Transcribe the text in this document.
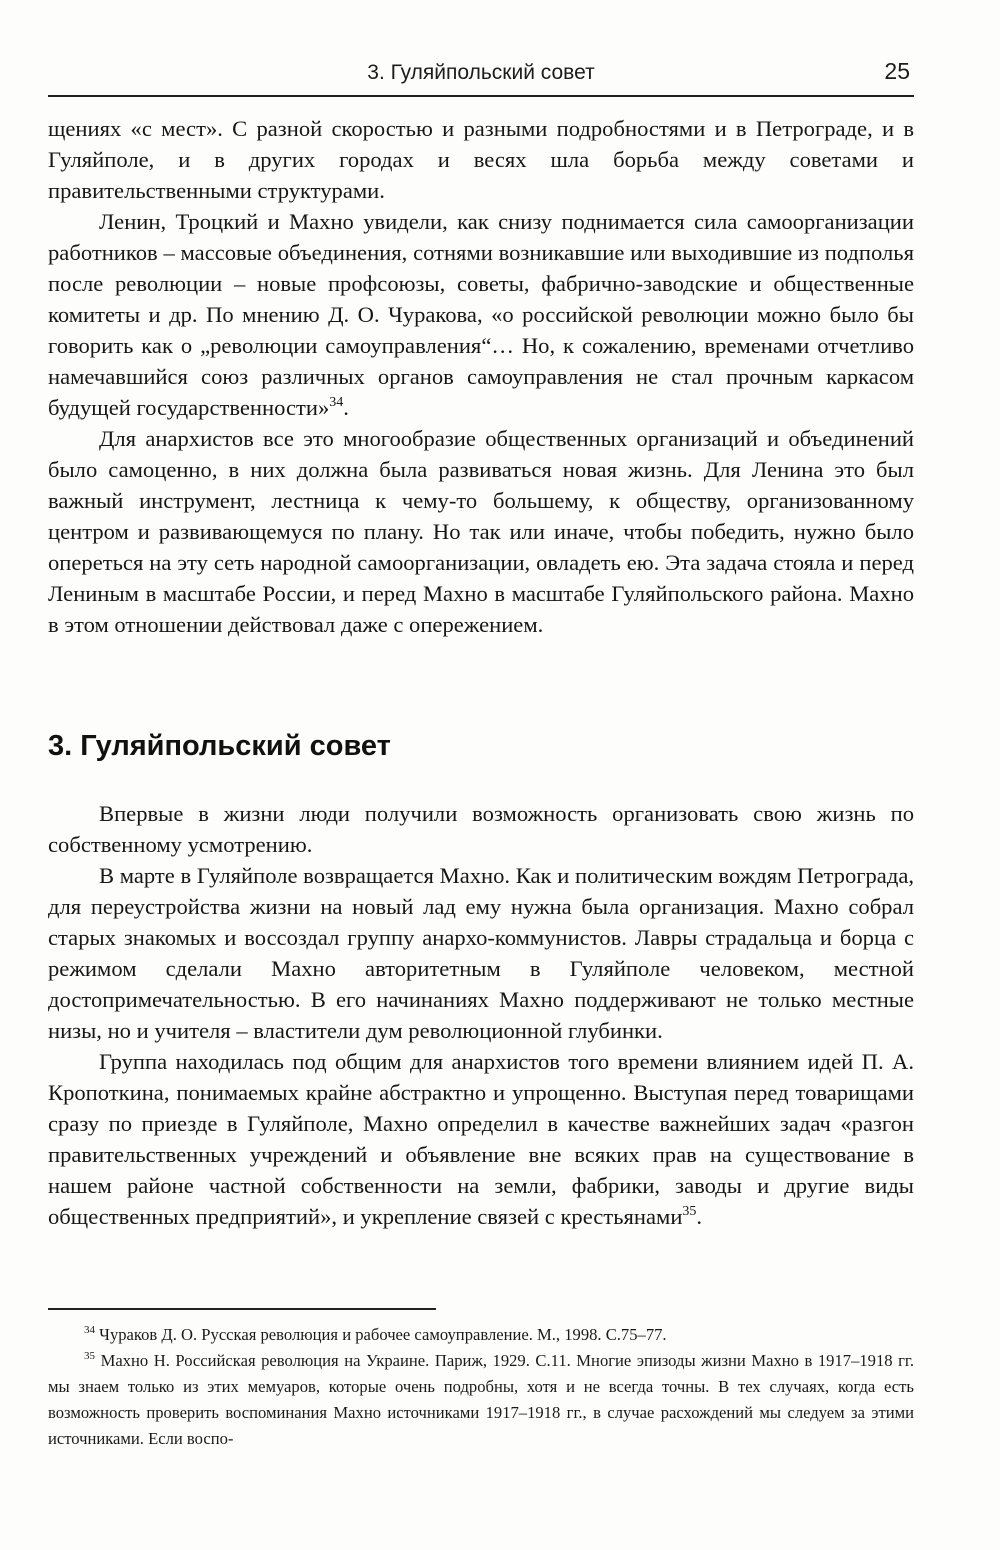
3. Гуляйпольский совет	25

щениях «с мест». С разной скоростью и разными подробностями и в Петрограде, и в Гуляйполе, и в других городах и весях шла борьба между советами и правительственными структурами.

Ленин, Троцкий и Махно увидели, как снизу поднимается сила самоорганизации работников – массовые объединения, сотнями возникавшие или выходившие из подполья после революции – новые профсоюзы, советы, фабрично-заводские и общественные комитеты и др. По мнению Д. О. Чуракова, «о российской революции можно было бы говорить как о „революции самоуправления“… Но, к сожалению, временами отчетливо намечавшийся союз различных органов самоуправления не стал прочным каркасом будущей государственности»$^{34}$.

Для анархистов все это многообразие общественных организаций и объединений было самоценно, в них должна была развиваться новая жизнь. Для Ленина это был важный инструмент, лестница к чему-то большему, к обществу, организованному центром и развивающемуся по плану. Но так или иначе, чтобы победить, нужно было опереться на эту сеть народной самоорганизации, овладеть ею. Эта задача стояла и перед Лениным в масштабе России, и перед Махно в масштабе Гуляйпольского района. Махно в этом отношении действовал даже с опережением.

3. Гуляйпольский совет

Впервые в жизни люди получили возможность организовать свою жизнь по собственному усмотрению.

В марте в Гуляйполе возвращается Махно. Как и политическим вождям Петрограда, для переустройства жизни на новый лад ему нужна была организация. Махно собрал старых знакомых и воссоздал группу анархо-коммунистов. Лавры страдальца и борца с режимом сделали Махно авторитетным в Гуляйполе человеком, местной достопримечательностью. В его начинаниях Махно поддерживают не только местные низы, но и учителя – властители дум революционной глубинки.

Группа находилась под общим для анархистов того времени влиянием идей П. А. Кропоткина, понимаемых крайне абстрактно и упрощенно. Выступая перед товарищами сразу по приезде в Гуляйполе, Махно определил в качестве важнейших задач «разгон правительственных учреждений и объявление вне всяких прав на существование в нашем районе частной собственности на земли, фабрики, заводы и другие виды общественных предприятий», и укрепление связей с крестьянами$^{35}$.

$^{34}$ Чураков Д. О. Русская революция и рабочее самоуправление. М., 1998. С.75–77.

$^{35}$ Махно Н. Российская революция на Украине. Париж, 1929. С.11. Многие эпизоды жизни Махно в 1917–1918 гг. мы знаем только из этих мемуаров, которые очень подробны, хотя и не всегда точны. В тех случаях, когда есть возможность проверить воспоминания Махно источниками 1917–1918 гг., в случае расхождений мы следуем за этими источниками. Если воспо-
